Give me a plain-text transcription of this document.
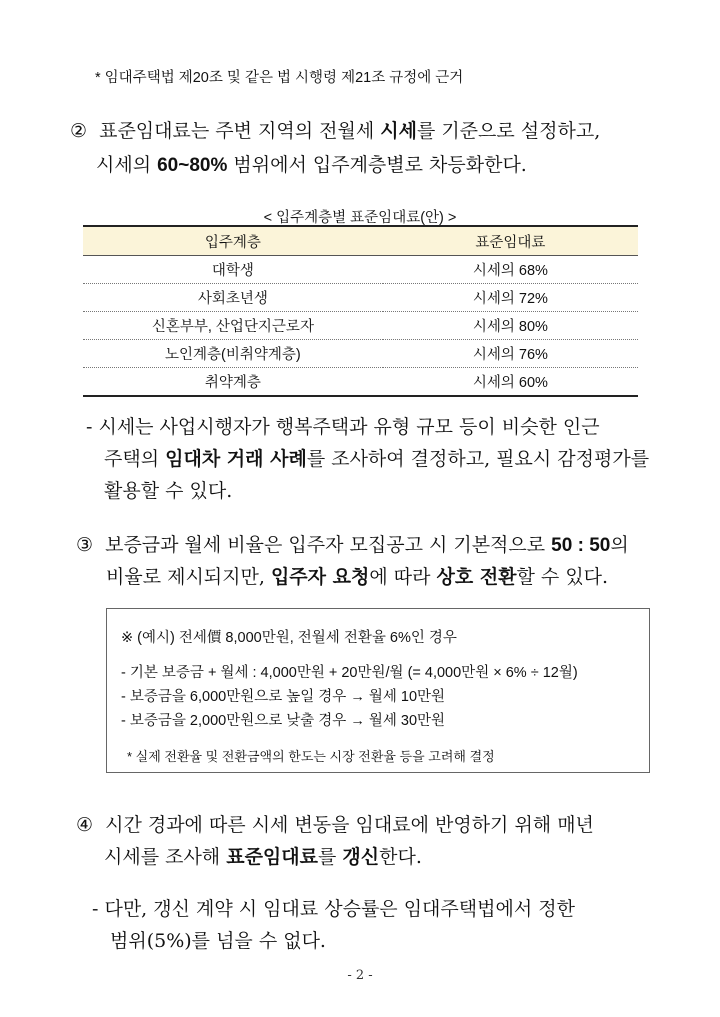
* 임대주택법 제20조 및 같은 법 시행령 제21조 규정에 근거
② 표준임대료는 주변 지역의 전월세 시세를 기준으로 설정하고,
시세의 60~80% 범위에서 입주계층별로 차등화한다.
< 입주계층별 표준임대료(안) >
입주계층	표준임대료
대학생	시세의 68%
사회초년생	시세의 72%
신혼부부, 산업단지근로자	시세의 80%
노인계층(비취약계층)	시세의 76%
취약계층	시세의 60%
- 시세는 사업시행자가 행복주택과 유형 규모 등이 비슷한 인근
주택의 임대차 거래 사례를 조사하여 결정하고, 필요시 감정평가를
활용할 수 있다.
③ 보증금과 월세 비율은 입주자 모집공고 시 기본적으로 50 : 50의
비율로 제시되지만, 입주자 요청에 따라 상호 전환할 수 있다.
※ (예시) 전세價 8,000만원, 전월세 전환율 6%인 경우
- 기본 보증금 + 월세 : 4,000만원 + 20만원/월 (= 4,000만원 × 6% ÷ 12월)
- 보증금을 6,000만원으로 높일 경우 → 월세 10만원
- 보증금을 2,000만원으로 낮출 경우 → 월세 30만원
* 실제 전환율 및 전환금액의 한도는 시장 전환율 등을 고려해 결정
④ 시간 경과에 따른 시세 변동을 임대료에 반영하기 위해 매년
시세를 조사해 표준임대료를 갱신한다.
- 다만, 갱신 계약 시 임대료 상승률은 임대주택법에서 정한
범위(5%)를 넘을 수 없다.
- 2 -
